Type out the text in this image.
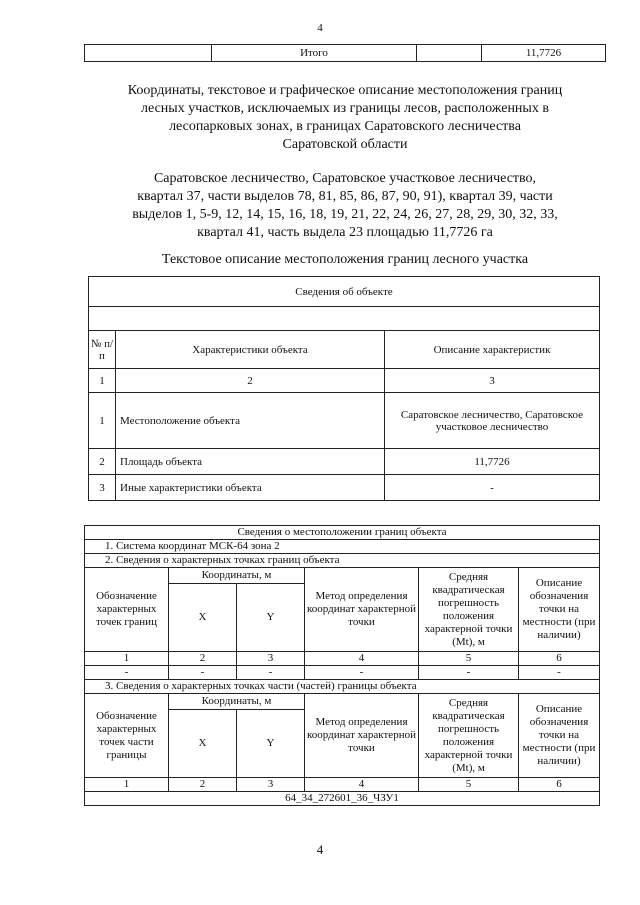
4
	Итого		11,7726
Координаты, текстовое и графическое описание местоположения границ
лесных участков, исключаемых из границы лесов, расположенных в
лесопарковых зонах, в границах Саратовского лесничества
Саратовской области
Саратовское лесничество, Саратовское участковое лесничество,
квартал 37, части выделов 78, 81, 85, 86, 87, 90, 91), квартал 39, части
выделов 1, 5-9, 12, 14, 15, 16, 18, 19, 21, 22, 24, 26, 27, 28, 29, 30, 32, 33,
квартал 41, часть выдела 23 площадью 11,7726 га
Текстовое описание местоположения границ лесного участка
Сведения об объекте		

№ п/п	Характеристики объекта	Описание характеристик
1	2	3
1	Местоположение объекта	Саратовское лесничество, Саратовское участковое лесничество
2	Площадь объекта	11,7726
3	Иные характеристики объекта	-
Сведения о местоположении границ объекта					
1. Система координат МСК-64 зона 2					
2. Сведения о характерных точках границ объекта					
Обозначение характерных точек границ	Координаты, м		Метод определения координат характерной точки	Средняя квадратическая погрешность положения характерной точки (Mt), м	Описание обозначения точки на местности (при наличии)
	X	Y			
1	2	3	4	5	6
-	-	-	-	-	-
3. Сведения о характерных точках части (частей) границы объекта					
Обозначение характерных точек части границы	Координаты, м		Метод определения координат характерной точки	Средняя квадратическая погрешность положения характерной точки (Mt), м	Описание обозначения точки на местности (при наличии)
	X	Y			
1	2	3	4	5	6
64_34_272601_36_ЧЗУ1					
4
